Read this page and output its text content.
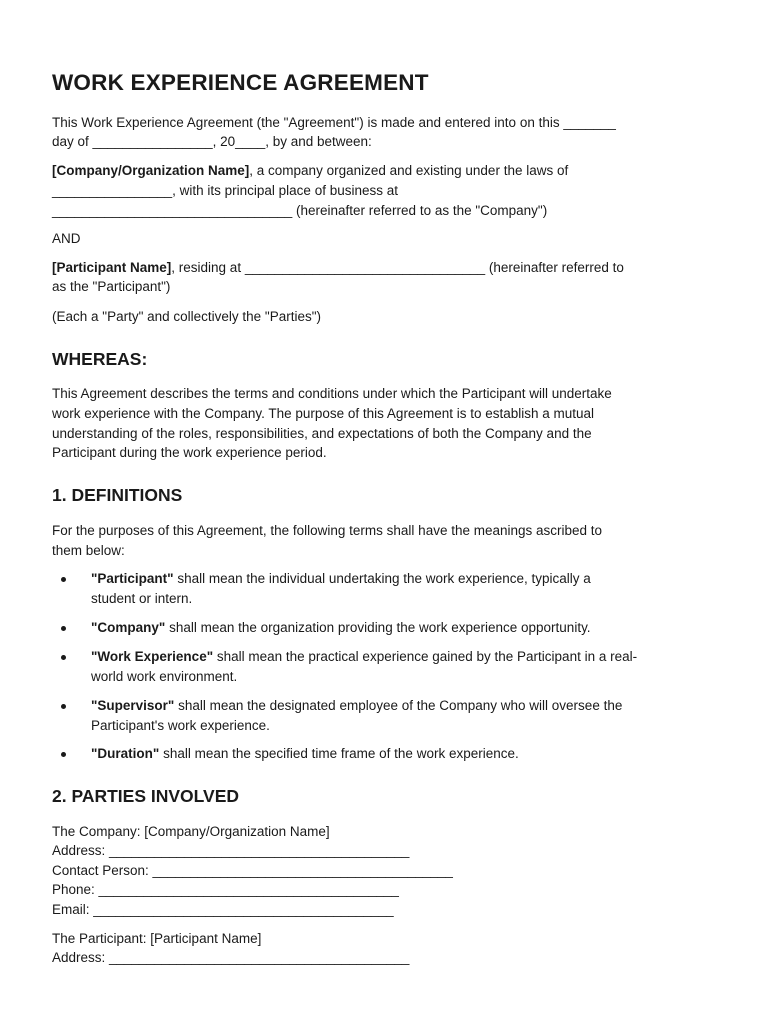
WORK EXPERIENCE AGREEMENT

This Work Experience Agreement (the "Agreement") is made and entered into on this _______

day of ________________, 20____, by and between:

[Company/Organization Name], a company organized and existing under the laws of

________________, with its principal place of business at

________________________________ (hereinafter referred to as the "Company")

AND

[Participant Name], residing at ________________________________ (hereinafter referred to

as the "Participant")

(Each a "Party" and collectively the "Parties")

WHEREAS:

This Agreement describes the terms and conditions under which the Participant will undertake

work experience with the Company. The purpose of this Agreement is to establish a mutual

understanding of the roles, responsibilities, and expectations of both the Company and the

Participant during the work experience period.

1. DEFINITIONS

For the purposes of this Agreement, the following terms shall have the meanings ascribed to

them below:

"Participant" shall mean the individual undertaking the work experience, typically a
student or intern.
"Company" shall mean the organization providing the work experience opportunity.
"Work Experience" shall mean the practical experience gained by the Participant in a real-
world work environment.
"Supervisor" shall mean the designated employee of the Company who will oversee the
Participant's work experience.
"Duration" shall mean the specified time frame of the work experience.
2. PARTIES INVOLVED

The Company: [Company/Organization Name]

Address: ________________________________________

Contact Person: ________________________________________

Phone: ________________________________________

Email: ________________________________________

The Participant: [Participant Name]

Address: ________________________________________
